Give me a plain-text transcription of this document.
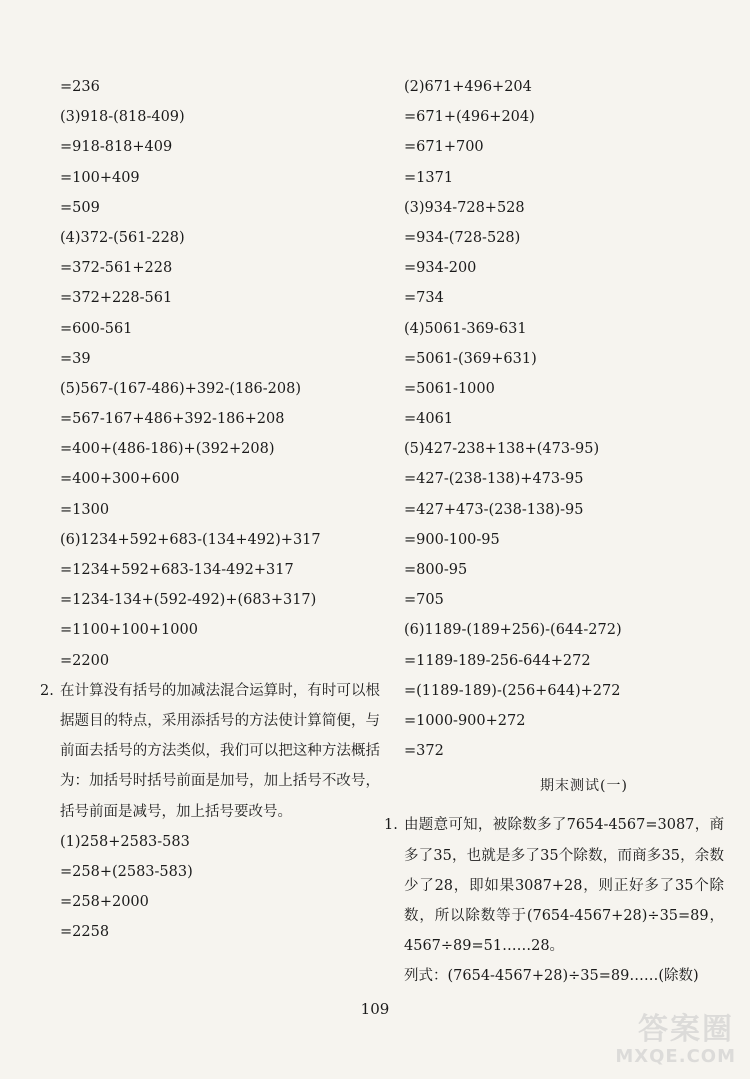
=236
(3)918-(818-409)
=918-818+409
=100+409
=509
(4)372-(561-228)
=372-561+228
=372+228-561
=600-561
=39
(5)567-(167-486)+392-(186-208)
=567-167+486+392-186+208
=400+(486-186)+(392+208)
=400+300+600
=1300
(6)1234+592+683-(134+492)+317
=1234+592+683-134-492+317
=1234-134+(592-492)+(683+317)
=1100+100+1000
=2200
2. 在计算没有括号的加减法混合运算时，有时可以根据题目的特点，采用添括号的方法使计算简便，与前面去括号的方法类似，我们可以把这种方法概括为：加括号时括号前面是加号，加上括号不改号，括号前面是减号，加上括号要改号。
(1)258+2583-583
=258+(2583-583)
=258+2000
=2258
(2)671+496+204
=671+(496+204)
=671+700
=1371
(3)934-728+528
=934-(728-528)
=934-200
=734
(4)5061-369-631
=5061-(369+631)
=5061-1000
=4061
(5)427-238+138+(473-95)
=427-(238-138)+473-95
=427+473-(238-138)-95
=900-100-95
=800-95
=705
(6)1189-(189+256)-(644-272)
=1189-189-256-644+272
=(1189-189)-(256+644)+272
=1000-900+272
=372
期末测试(一)
1. 由题意可知，被除数多了7654-4567=3087，商多了35，也就是多了35个除数，而商多35，余数少了28，即如果3087+28，则正好多了35个除数，所以除数等于(7654-4567+28)÷35=89，4567÷89=51……28。
列式：(7654-4567+28)÷35=89……(除数)
109
答案圈
MXQE.COM
